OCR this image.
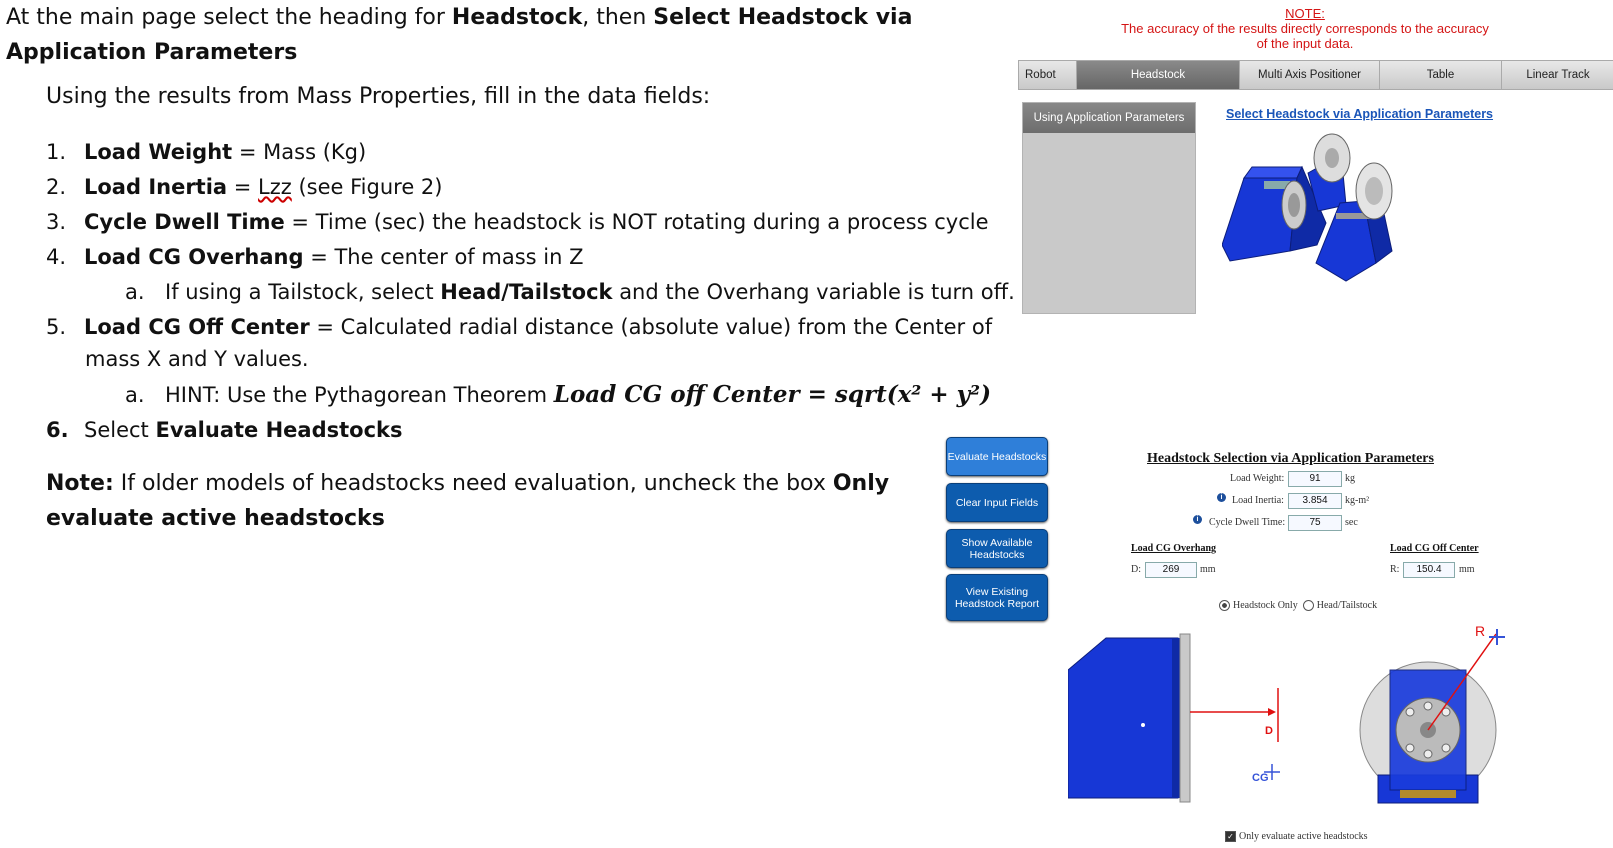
At the main page select the heading for Headstock, then Select Headstock via Application Parameters
Using the results from Mass Properties, fill in the data fields:
1. Load Weight = Mass (Kg)
2. Load Inertia = Lzz (see Figure 2)
3. Cycle Dwell Time = Time (sec) the headstock is NOT rotating during a process cycle
4. Load CG Overhang = The center of mass in Z
a. If using a Tailstock, select Head/Tailstock and the Overhang variable is turn off.
5. Load CG Off Center = Calculated radial distance (absolute value) from the Center of
mass X and Y values.
a. HINT: Use the Pythagorean Theorem Load CG off Center = sqrt(x² + y²)
6. Select Evaluate Headstocks
Note: If older models of headstocks need evaluation, uncheck the box Only evaluate active headstocks
Evaluate Headstocks
Clear Input Fields
Show Available Headstocks
View Existing Headstock Report
NOTE:
The accuracy of the results directly corresponds to the accuracy of the input data.
Robot	Headstock	Multi Axis Positioner	Table	Linear Track
Using Application Parameters	Select Headstock via Application Parameters
Headstock Selection via Application Parameters
Load Weight:	91	kg
i Load Inertia:	3.854	kg-m²
i	Cycle Dwell Time:	75	sec
Load CG Overhang
D:	269	mm
Load CG Off Center
R:	150.4	mm
Headstock Only Head/Tailstock
D
CG
R
✓ Only evaluate active headstocks
